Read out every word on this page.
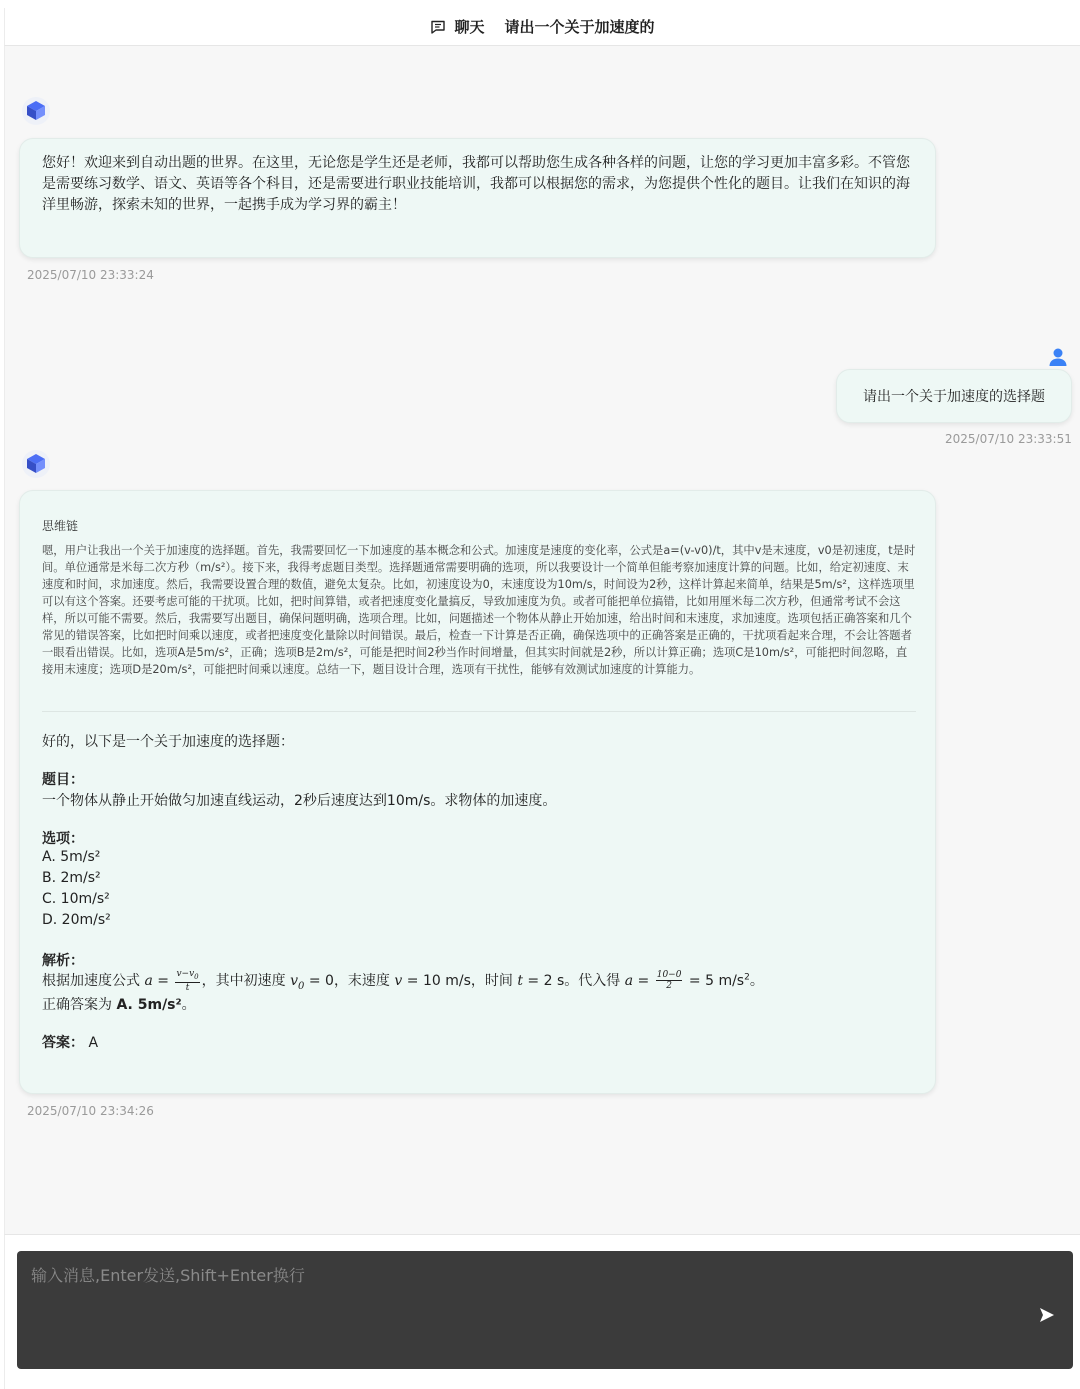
聊天 请出一个关于加速度的
您好！欢迎来到自动出题的世界。在这里，无论您是学生还是老师，我都可以帮助您生成各种各样的问题，让您的学习更加丰富多彩。不管您是需要练习数学、语文、英语等各个科目，还是需要进行职业技能培训，我都可以根据您的需求，为您提供个性化的题目。让我们在知识的海洋里畅游，探索未知的世界，一起携手成为学习界的霸主！
2025/07/10 23:33:24
请出一个关于加速度的选择题
2025/07/10 23:33:51
思维链
嗯，用户让我出一个关于加速度的选择题。首先，我需要回忆一下加速度的基本概念和公式。加速度是速度的变化率，公式是a=(v-v0)/t，其中v是末速度，v0是初速度，t是时间。单位通常是米每二次方秒（m/s²）。接下来，我得考虑题目类型。选择题通常需要明确的选项，所以我要设计一个简单但能考察加速度计算的问题。比如，给定初速度、末速度和时间，求加速度。然后，我需要设置合理的数值，避免太复杂。比如，初速度设为0，末速度设为10m/s，时间设为2秒，这样计算起来简单，结果是5m/s²，这样选项里可以有这个答案。还要考虑可能的干扰项。比如，把时间算错，或者把速度变化量搞反，导致加速度为负。或者可能把单位搞错，比如用厘米每二次方秒，但通常考试不会这样，所以可能不需要。然后，我需要写出题目，确保问题明确，选项合理。比如，问题描述一个物体从静止开始加速，给出时间和末速度，求加速度。选项包括正确答案和几个常见的错误答案，比如把时间乘以速度，或者把速度变化量除以时间错误。最后，检查一下计算是否正确，确保选项中的正确答案是正确的，干扰项看起来合理，不会让答题者一眼看出错误。比如，选项A是5m/s²，正确；选项B是2m/s²，可能是把时间2秒当作时间增量，但其实时间就是2秒，所以计算正确；选项C是10m/s²，可能把时间忽略，直接用末速度；选项D是20m/s²，可能把时间乘以速度。总结一下，题目设计合理，选项有干扰性，能够有效测试加速度的计算能力。
好的，以下是一个关于加速度的选择题：
题目：
一个物体从静止开始做匀加速直线运动，2秒后速度达到10m/s。求物体的加速度。
选项：
A. 5m/s²
B. 2m/s²
C. 10m/s²
D. 20m/s²
解析：
根据加速度公式 $a = \frac{v-v_0}{t}$ ，其中初速度 $v_0 = 0$，末速度 v = 10 m/s，时间 t = 2 s。代入得 $a = \frac{10-0}{2} = 5$ $m/s^2$。
正确答案为 A. 5m/s²。
答案： A
2025/07/10 23:34:26
输入消息,Enter发送,Shift+Enter换行
